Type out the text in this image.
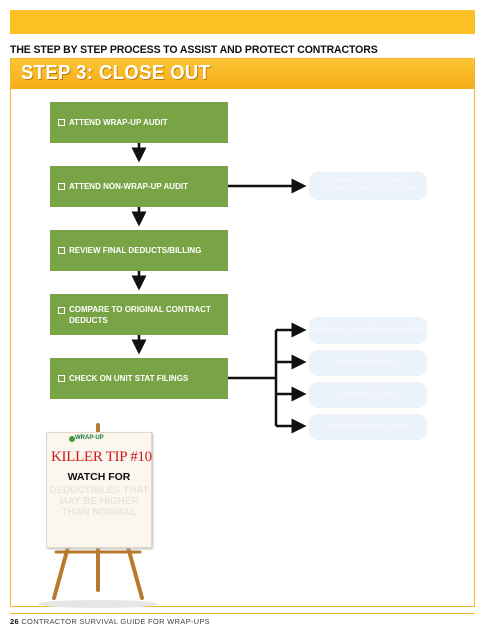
THE STEP BY STEP PROCESS TO ASSIST AND PROTECT CONTRACTORS
STEP 3: CLOSE OUT
ATTEND WRAP-UP AUDIT
ATTEND NON-WRAP-UP AUDIT
REVIEW FINAL DEDUCTS/BILLING
COMPARE TO ORIGINAL CONTRACT DEDUCTS
CHECK ON UNIT STAT FILINGS
CONFIRM WRAP-UP PAYROLL EXCLUDED FROM CALCULATION
VERIFY SUB OR EXPERIENCE MODIFIER
ACCURATE PAYROLL
ACCURATE CLAIMS
ACCURATE HAZARD CODES
WRAP-UP
KILLER TIP #10
WATCH FOR
DEDUCTIBLES THAT MAY BE HIGHER THAN NORMAL
26 CONTRACTOR SURVIVAL GUIDE FOR WRAP-UPS
